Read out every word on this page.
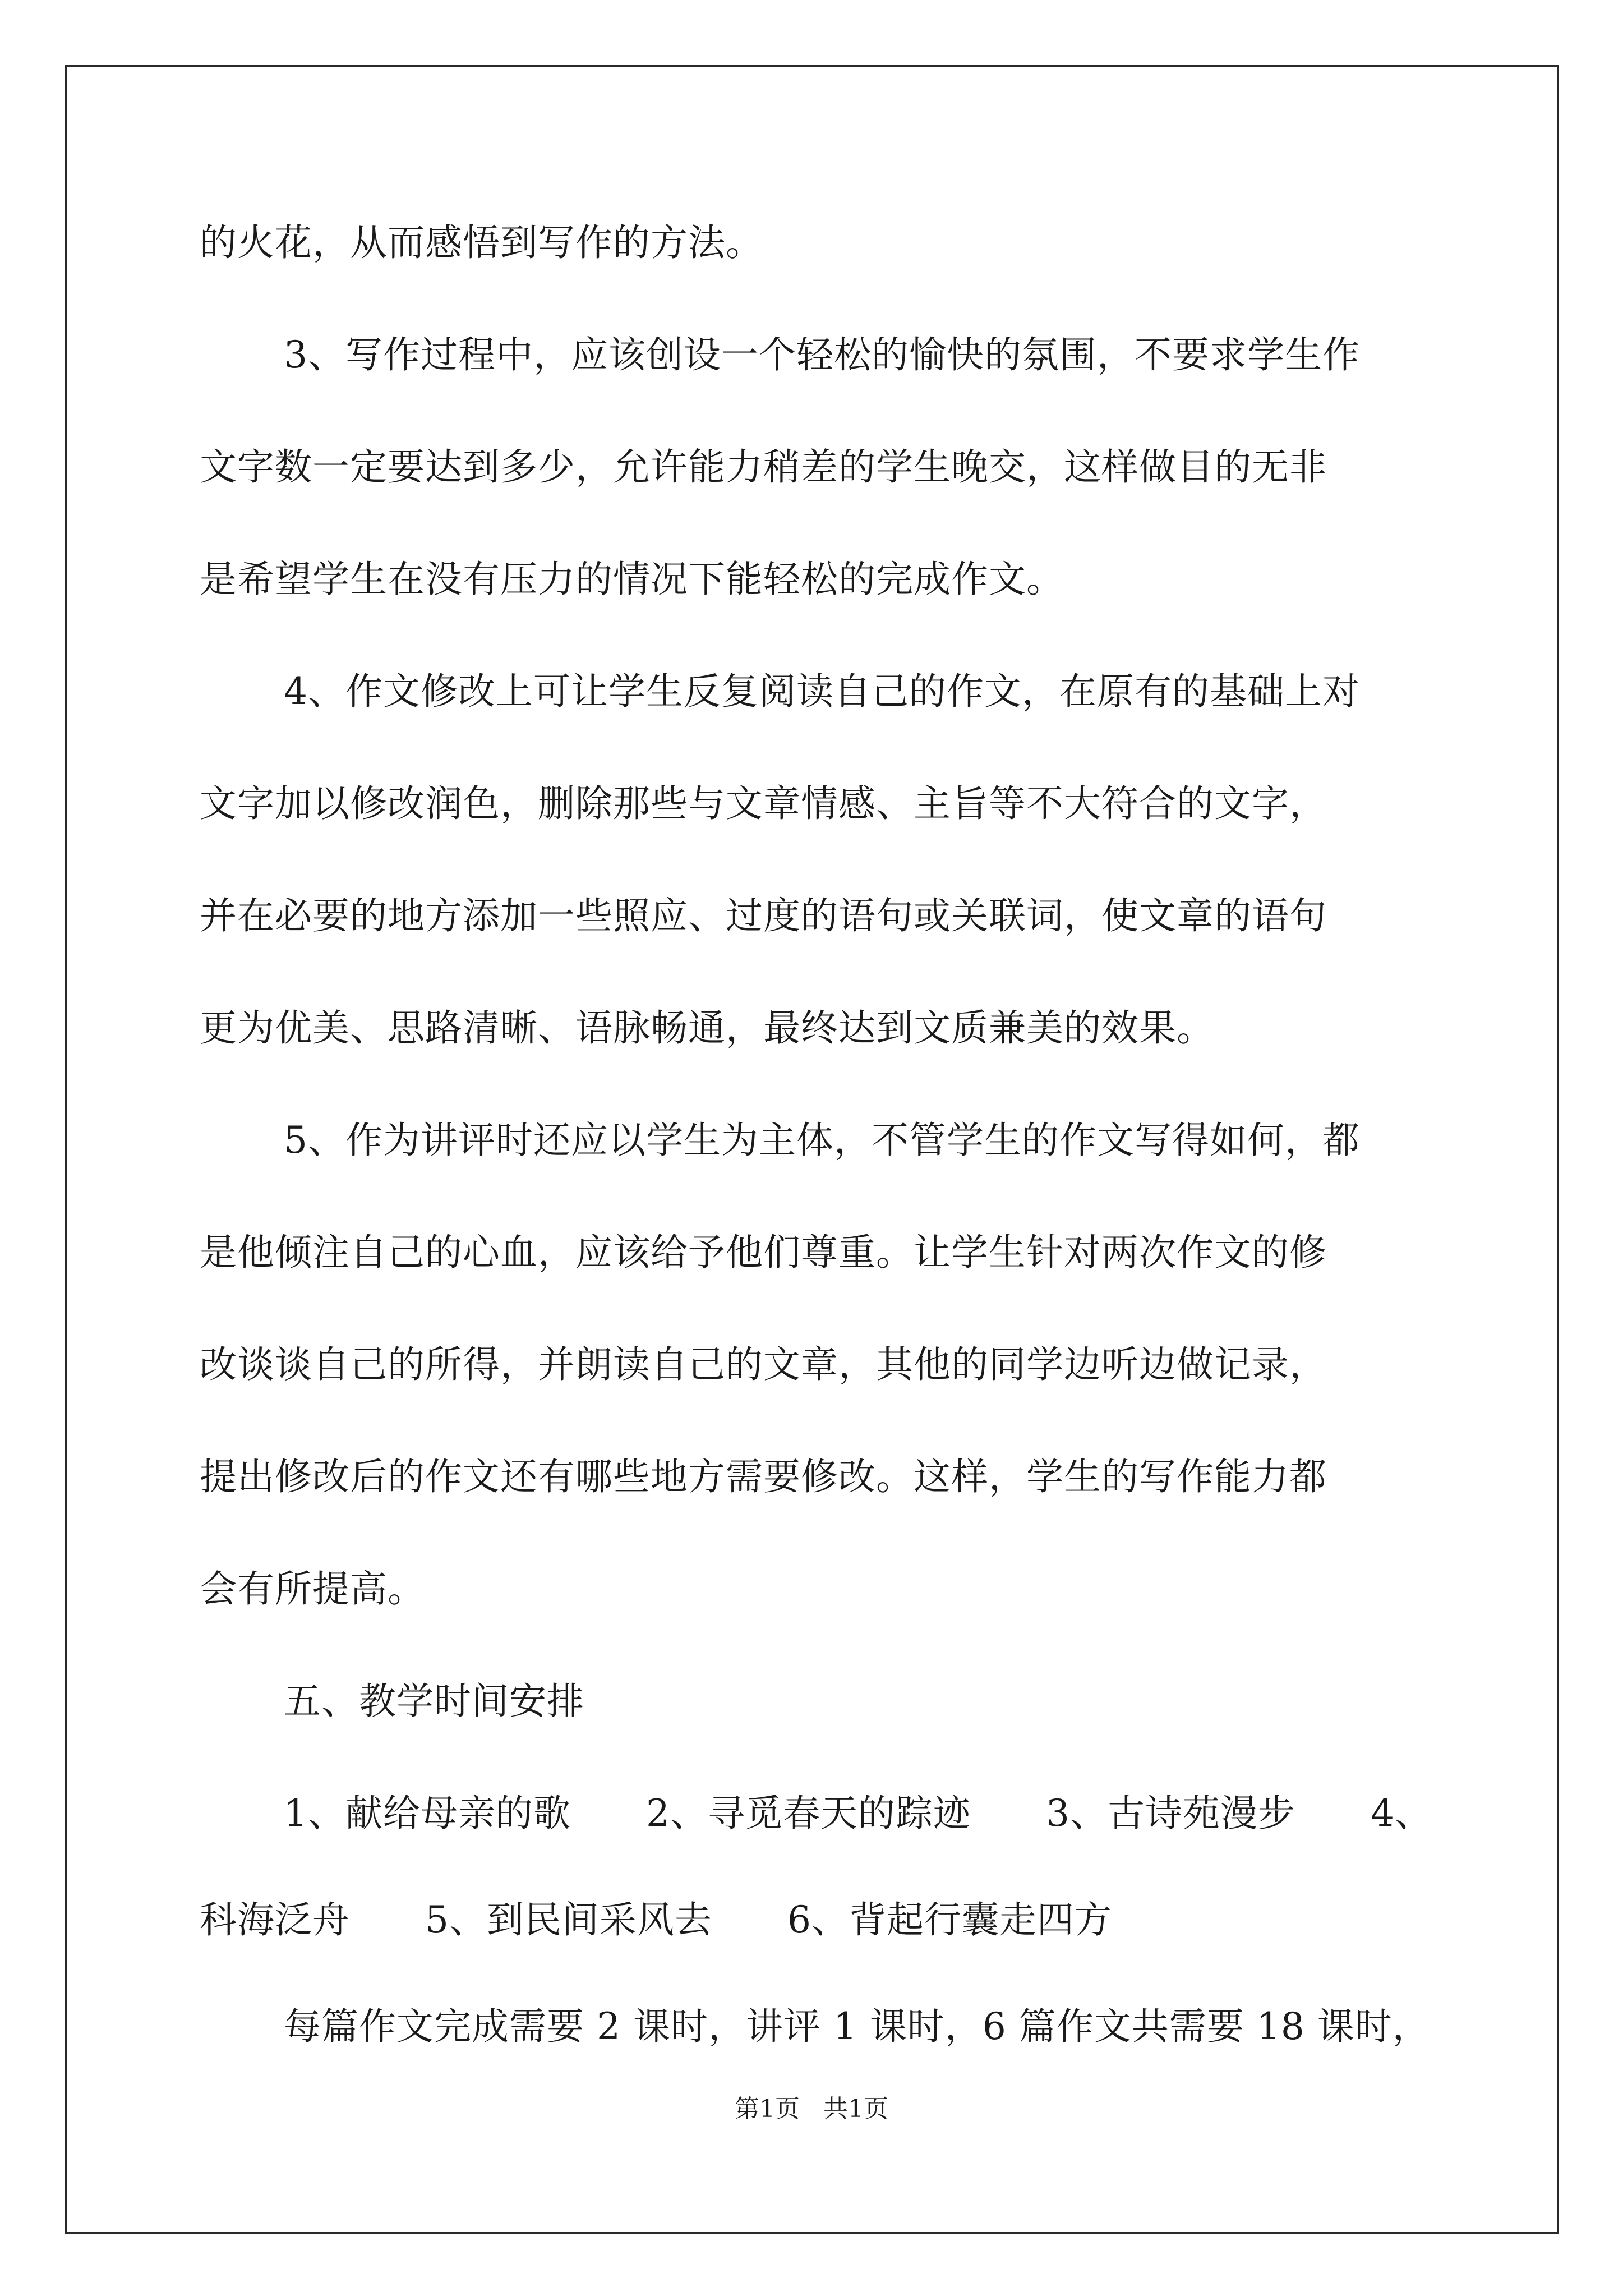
的火花，从而感悟到写作的方法。
3、写作过程中，应该创设一个轻松的愉快的氛围，不要求学生作
文字数一定要达到多少，允许能力稍差的学生晚交，这样做目的无非
是希望学生在没有压力的情况下能轻松的完成作文。
4、作文修改上可让学生反复阅读自己的作文，在原有的基础上对
文字加以修改润色，删除那些与文章情感、主旨等不大符合的文字，
并在必要的地方添加一些照应、过度的语句或关联词，使文章的语句
更为优美、思路清晰、语脉畅通，最终达到文质兼美的效果。
5、作为讲评时还应以学生为主体，不管学生的作文写得如何，都
是他倾注自己的心血，应该给予他们尊重。让学生针对两次作文的修
改谈谈自己的所得，并朗读自己的文章，其他的同学边听边做记录，
提出修改后的作文还有哪些地方需要修改。这样，学生的写作能力都
会有所提高。
五、教学时间安排
1、献给母亲的歌　　2、寻觅春天的踪迹　　3、古诗苑漫步　　4、
科海泛舟　　5、到民间采风去　　6、背起行囊走四方
每篇作文完成需要 2 课时，讲评 1 课时，6 篇作文共需要 18 课时，
第1页   共1页
